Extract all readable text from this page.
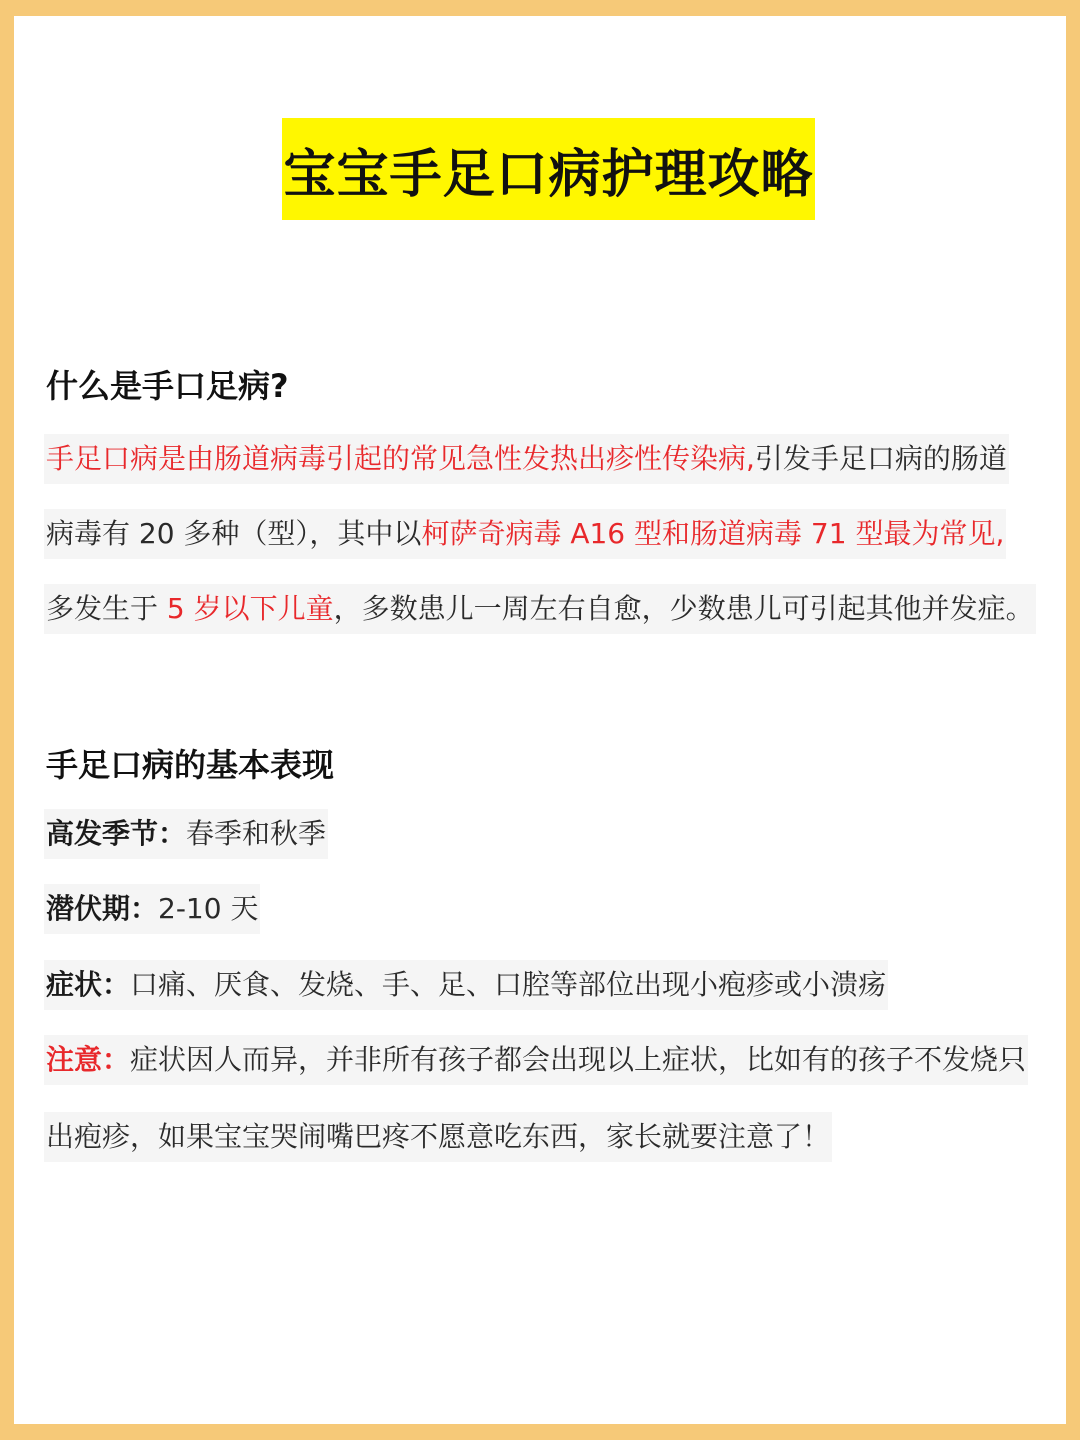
宝宝手足口病护理攻略
什么是手口足病?
手足口病是由肠道病毒引起的常见急性发热出疹性传染病,引发手足口病的肠道
病毒有 20 多种（型），其中以柯萨奇病毒 A16 型和肠道病毒 71 型最为常见,
多发生于 5 岁以下儿童，多数患儿一周左右自愈，少数患儿可引起其他并发症。
手足口病的基本表现
高发季节：春季和秋季
潜伏期：2-10 天
症状：口痛、厌食、发烧、手、足、口腔等部位出现小疱疹或小溃疡
注意：症状因人而异，并非所有孩子都会出现以上症状，比如有的孩子不发烧只
出疱疹，如果宝宝哭闹嘴巴疼不愿意吃东西，家长就要注意了！
